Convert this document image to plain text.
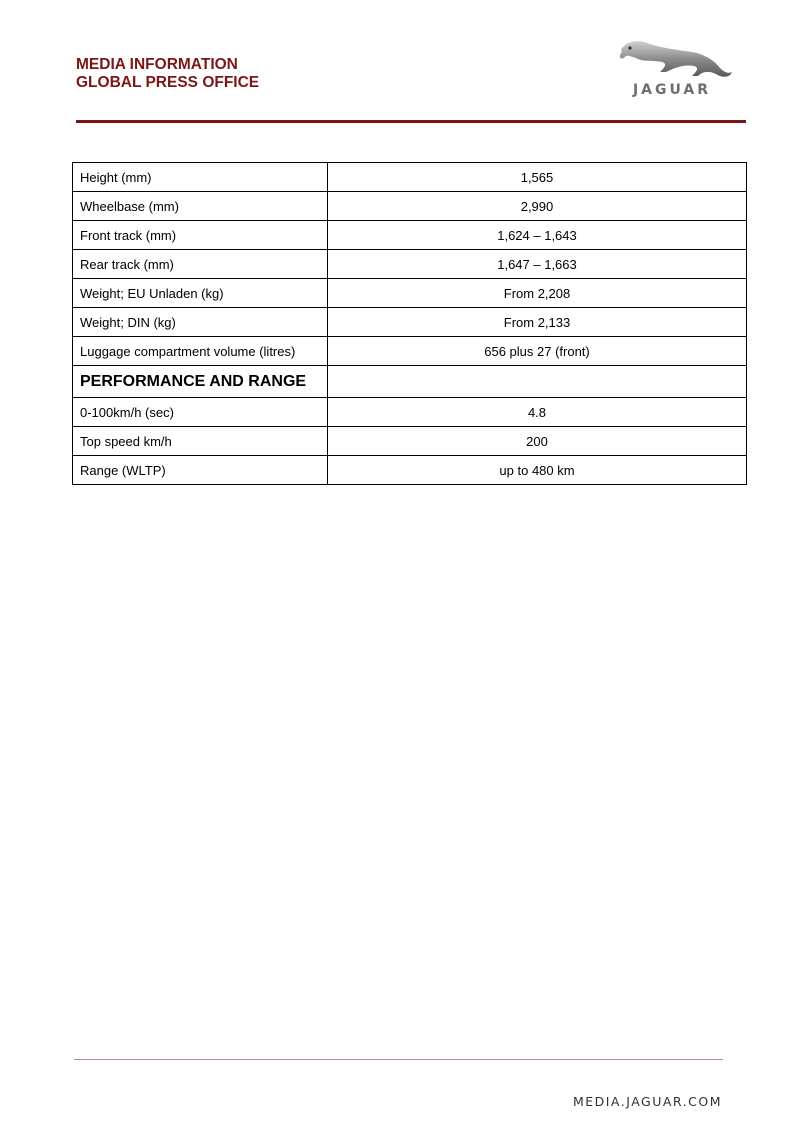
MEDIA INFORMATION
GLOBAL PRESS OFFICE	JAGUAR
Height (mm)	1,565
Wheelbase (mm)	2,990
Front track (mm)	1,624 – 1,643
Rear track (mm)	1,647 – 1,663
Weight; EU Unladen (kg)	From 2,208
Weight; DIN (kg)	From 2,133
Luggage compartment volume (litres)	656 plus 27 (front)
PERFORMANCE AND RANGE	
0-100km/h (sec)	4.8
Top speed km/h	200
Range (WLTP)	up to 480 km
MEDIA.JAGUAR.COM
